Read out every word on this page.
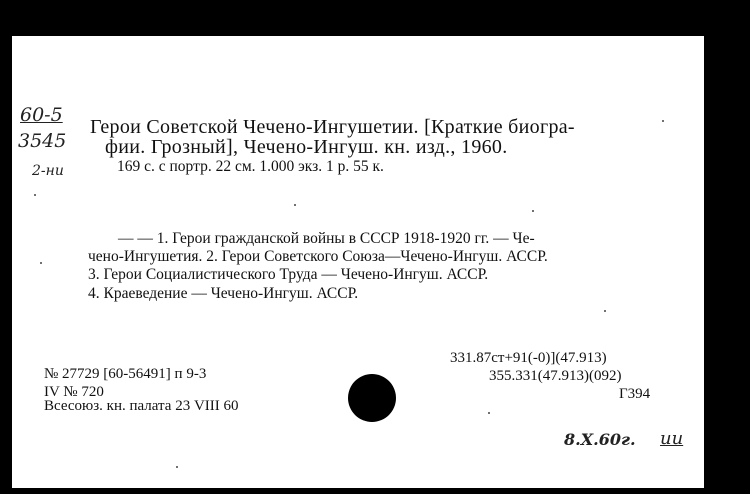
60-5
3545
2-ни
Герои Советской Чечено-Ингушетии. [Краткие биогра-
фии. Грозный], Чечено-Ингуш. кн. изд., 1960.
169 с. с портр. 22 см. 1.000 экз. 1 р. 55 к.
— — 1. Герои гражданской войны в СССР 1918-1920 гг. — Че-
чено-Ингушетия. 2. Герои Советского Союза—Чечено-Ингуш. АССР.
3. Герои Социалистического Труда — Чечено-Ингуш. АССР.
4. Краеведение — Чечено-Ингуш. АССР.
№ 27729 [60-56491] п 9-3
IV № 720
Всесоюз. кн. палата 23 VIII 60
331.87ст+91(-0)](47.913)
355.331(47.913)(092)
Г394
8.Х.60г. ии
